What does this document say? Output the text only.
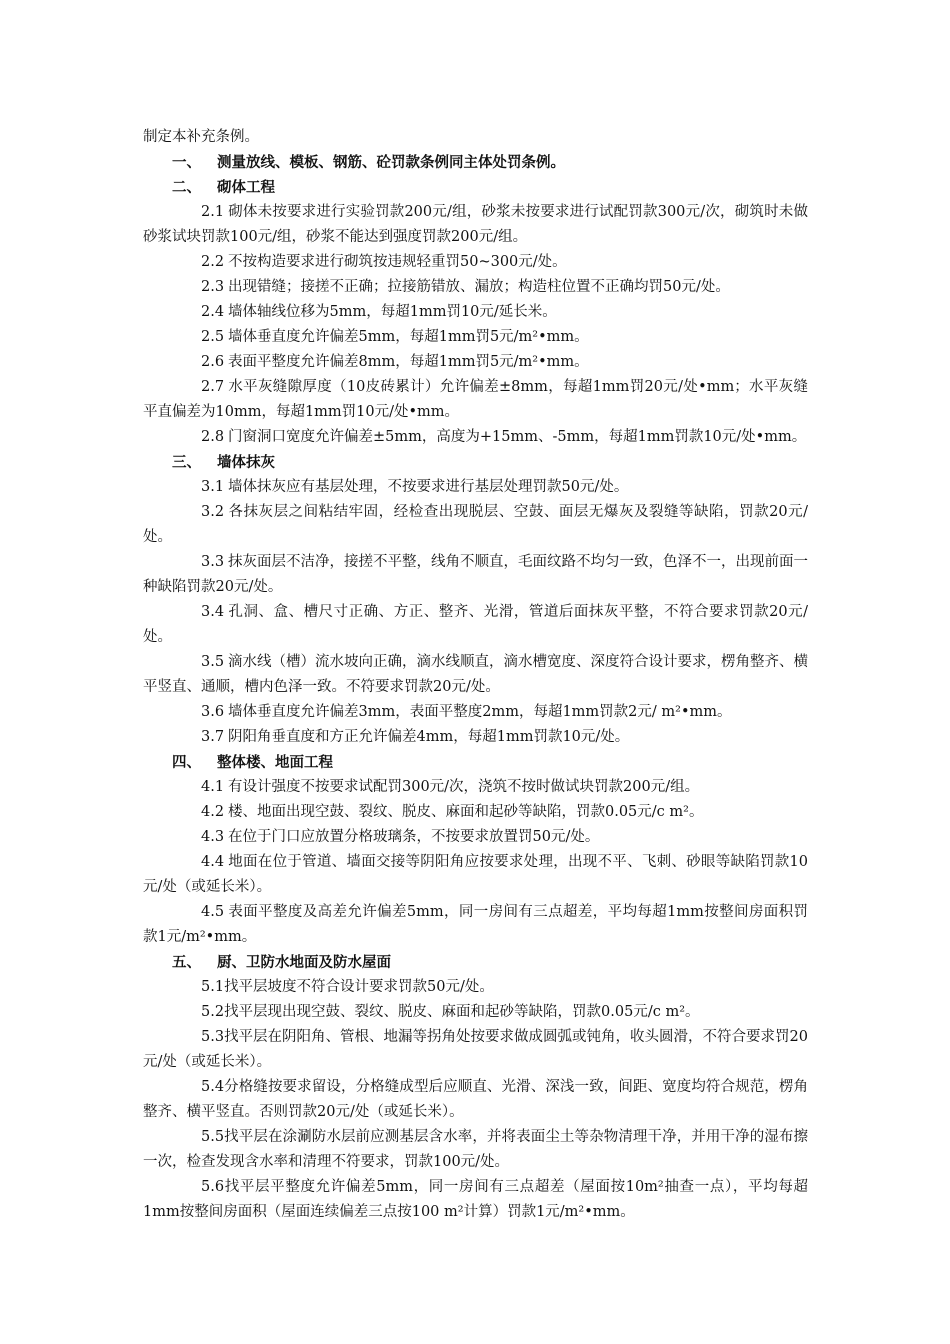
制定本补充条例。

一、 测量放线、模板、钢筋、砼罚款条例同主体处罚条例。

二、 砌体工程

2.1 砌体未按要求进行实验罚款200元/组，砂浆未按要求进行试配罚款300元/次，砌筑时未做砂浆试块罚款100元/组，砂浆不能达到强度罚款200元/组。

2.2 不按构造要求进行砌筑按违规轻重罚50~300元/处。

2.3 出现错缝；接搓不正确；拉接筋错放、漏放；构造柱位置不正确均罚50元/处。

2.4 墙体轴线位移为5mm，每超1mm罚10元/延长米。

2.5 墙体垂直度允许偏差5mm，每超1mm罚5元/m²•mm。

2.6 表面平整度允许偏差8mm，每超1mm罚5元/m²•mm。

2.7 水平灰缝隙厚度（10皮砖累计）允许偏差±8mm，每超1mm罚20元/处•mm；水平灰缝平直偏差为10mm，每超1mm罚10元/处•mm。

2.8 门窗洞口宽度允许偏差±5mm，高度为+15mm、-5mm，每超1mm罚款10元/处•mm。

三、 墙体抹灰

3.1 墙体抹灰应有基层处理，不按要求进行基层处理罚款50元/处。

3.2 各抹灰层之间粘结牢固，经检查出现脱层、空鼓、面层无爆灰及裂缝等缺陷，罚款20元/处。

3.3 抹灰面层不洁净，接搓不平整，线角不顺直，毛面纹路不均匀一致，色泽不一，出现前面一种缺陷罚款20元/处。

3.4 孔洞、盒、槽尺寸正确、方正、整齐、光滑，管道后面抹灰平整，不符合要求罚款20元/处。

3.5 滴水线（槽）流水坡向正确，滴水线顺直，滴水槽宽度、深度符合设计要求，楞角整齐、横平竖直、通顺，槽内色泽一致。不符要求罚款20元/处。

3.6 墙体垂直度允许偏差3mm，表面平整度2mm，每超1mm罚款2元/ m²•mm。

3.7 阴阳角垂直度和方正允许偏差4mm，每超1mm罚款10元/处。

四、 整体楼、地面工程

4.1 有设计强度不按要求试配罚300元/次，浇筑不按时做试块罚款200元/组。

4.2 楼、地面出现空鼓、裂纹、脱皮、麻面和起砂等缺陷，罚款0.05元/c m²。

4.3 在位于门口应放置分格玻璃条，不按要求放置罚50元/处。

4.4 地面在位于管道、墙面交接等阴阳角应按要求处理，出现不平、飞刺、砂眼等缺陷罚款10元/处（或延长米）。

4.5 表面平整度及高差允许偏差5mm，同一房间有三点超差，平均每超1mm按整间房面积罚款1元/m²•mm。

五、 厨、卫防水地面及防水屋面

5.1找平层坡度不符合设计要求罚款50元/处。

5.2找平层现出现空鼓、裂纹、脱皮、麻面和起砂等缺陷，罚款0.05元/c m²。

5.3找平层在阴阳角、管根、地漏等拐角处按要求做成圆弧或钝角，收头圆滑，不符合要求罚20元/处（或延长米）。

5.4分格缝按要求留设，分格缝成型后应顺直、光滑、深浅一致，间距、宽度均符合规范，楞角整齐、横平竖直。否则罚款20元/处（或延长米）。

5.5找平层在涂涮防水层前应测基层含水率，并将表面尘土等杂物清理干净，并用干净的湿布擦一次，检查发现含水率和清理不符要求，罚款100元/处。

5.6找平层平整度允许偏差5mm，同一房间有三点超差（屋面按10m²抽查一点），平均每超1mm按整间房面积（屋面连续偏差三点按100 m²计算）罚款1元/m²•mm。
